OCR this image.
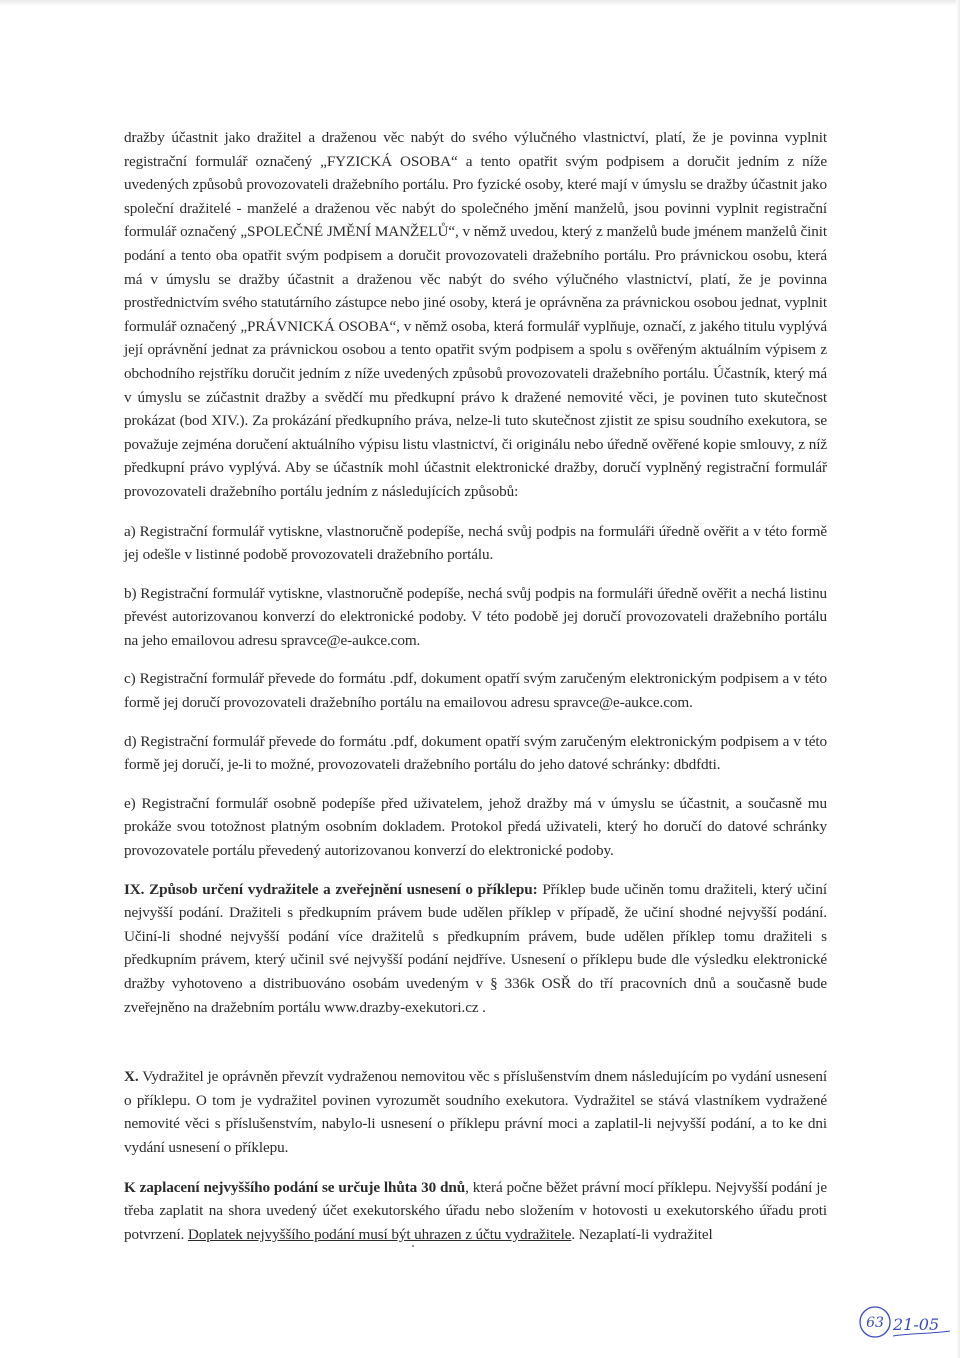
dražby účastnit jako dražitel a draženou věc nabýt do svého výlučného vlastnictví, platí, že je povinna vyplnit registrační formulář označený „FYZICKÁ OSOBA“ a tento opatřit svým podpisem a doručit jedním z níže uvedených způsobů provozovateli dražebního portálu. Pro fyzické osoby, které mají v úmyslu se dražby účastnit jako společní dražitelé - manželé a draženou věc nabýt do společného jmění manželů, jsou povinni vyplnit registrační formulář označený „SPOLEČNÉ JMĚNÍ MANŽELŮ“, v němž uvedou, který z manželů bude jménem manželů činit podání a tento oba opatřit svým podpisem a doručit provozovateli dražebního portálu. Pro právnickou osobu, která má v úmyslu se dražby účastnit a draženou věc nabýt do svého výlučného vlastnictví, platí, že je povinna prostřednictvím svého statutárního zástupce nebo jiné osoby, která je oprávněna za právnickou osobou jednat, vyplnit formulář označený „PRÁVNICKÁ OSOBA“, v němž osoba, která formulář vyplňuje, označí, z jakého titulu vyplývá její oprávnění jednat za právnickou osobou a tento opatřit svým podpisem a spolu s ověřeným aktuálním výpisem z obchodního rejstříku doručit jedním z níže uvedených způsobů provozovateli dražebního portálu. Účastník, který má v úmyslu se zúčastnit dražby a svědčí mu předkupní právo k dražené nemovité věci, je povinen tuto skutečnost prokázat (bod XIV.). Za prokázání předkupního práva, nelze-li tuto skutečnost zjistit ze spisu soudního exekutora, se považuje zejména doručení aktuálního výpisu listu vlastnictví, či originálu nebo úředně ověřené kopie smlouvy, z níž předkupní právo vyplývá. Aby se účastník mohl účastnit elektronické dražby, doručí vyplněný registrační formulář provozovateli dražebního portálu jedním z následujících způsobů:

a) Registrační formulář vytiskne, vlastnoručně podepíše, nechá svůj podpis na formuláři úředně ověřit a v této formě jej odešle v listinné podobě provozovateli dražebního portálu.

b) Registrační formulář vytiskne, vlastnoručně podepíše, nechá svůj podpis na formuláři úředně ověřit a nechá listinu převést autorizovanou konverzí do elektronické podoby. V této podobě jej doručí provozovateli dražebního portálu na jeho emailovou adresu spravce@e-aukce.com.

c) Registrační formulář převede do formátu .pdf, dokument opatří svým zaručeným elektronickým podpisem a v této formě jej doručí provozovateli dražebního portálu na emailovou adresu spravce@e-aukce.com.

d) Registrační formulář převede do formátu .pdf, dokument opatří svým zaručeným elektronickým podpisem a v této formě jej doručí, je-li to možné, provozovateli dražebního portálu do jeho datové schránky: dbdfdti.

e) Registrační formulář osobně podepíše před uživatelem, jehož dražby má v úmyslu se účastnit, a současně mu prokáže svou totožnost platným osobním dokladem. Protokol předá uživateli, který ho doručí do datové schránky provozovatele portálu převedený autorizovanou konverzí do elektronické podoby.

IX. Způsob určení vydražitele a zveřejnění usnesení o příklepu: Příklep bude učiněn tomu dražiteli, který učiní nejvyšší podání. Dražiteli s předkupním právem bude udělen příklep v případě, že učiní shodné nejvyšší podání. Učiní-li shodné nejvyšší podání více dražitelů s předkupním právem, bude udělen příklep tomu dražiteli s předkupním právem, který učinil své nejvyšší podání nejdříve. Usnesení o příklepu bude dle výsledku elektronické dražby vyhotoveno a distribuováno osobám uvedeným v § 336k OSŘ do tří pracovních dnů a současně bude zveřejněno na dražebním portálu www.drazby-exekutori.cz .

X. Vydražitel je oprávněn převzít vydraženou nemovitou věc s příslušenstvím dnem následujícím po vydání usnesení o příklepu. O tom je vydražitel povinen vyrozumět soudního exekutora. Vydražitel se stává vlastníkem vydražené nemovité věci s příslušenstvím, nabylo-li usnesení o příklepu právní moci a zaplatil-li nejvyšší podání, a to ke dni vydání usnesení o příklepu.

K zaplacení nejvyššího podání se určuje lhůta 30 dnů, která počne běžet právní mocí příklepu. Nejvyšší podání je třeba zaplatit na shora uvedený účet exekutorského úřadu nebo složením v hotovosti u exekutorského úřadu proti potvrzení. Doplatek nejvyššího podání musí být uhrazen z účtu vydražitele. Nezaplatí-li vydražitel

63 21-05
